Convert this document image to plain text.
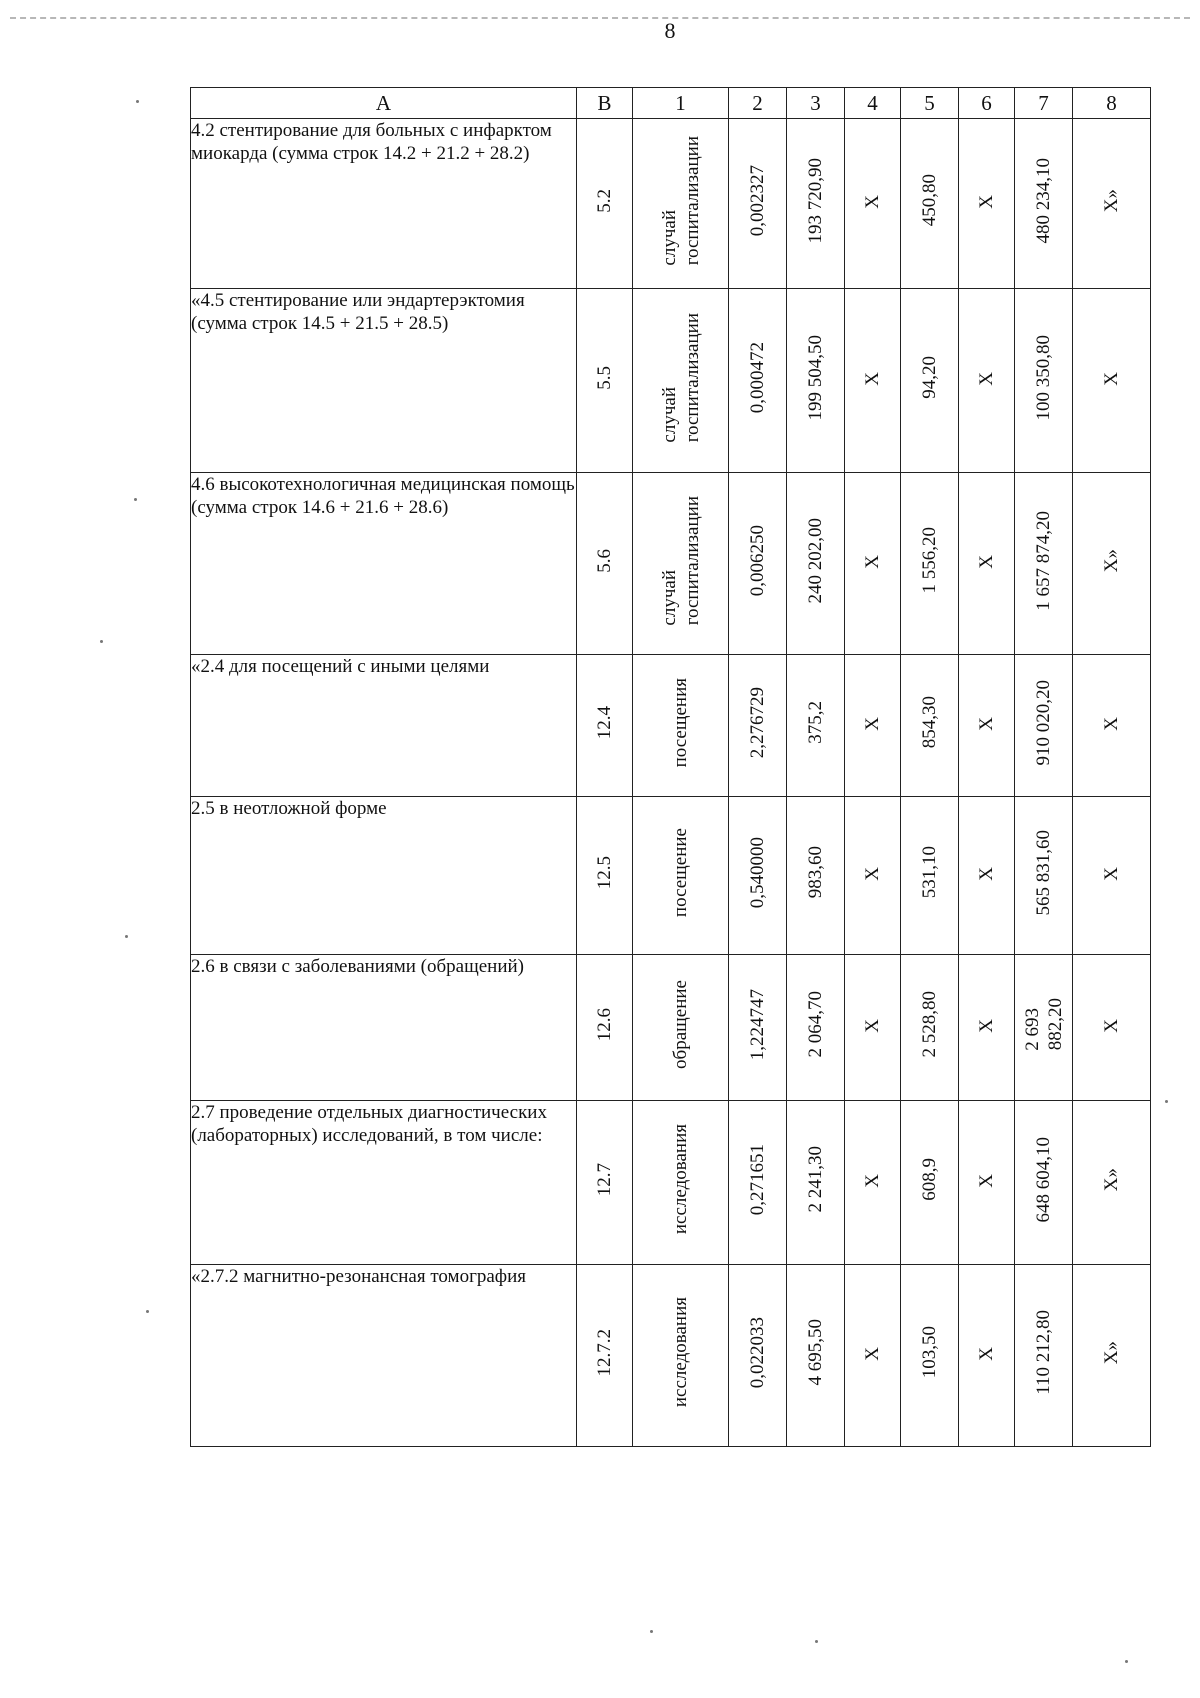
8
А	В	1	2	3	4	5	6	7	8
4.2 стентирование для больных с инфарктом миокарда (сумма строк 14.2 + 21.2 + 28.2)	5.2	случай госпитализации	0,002327	193 720,90	Х	450,80	Х	480 234,10	Х»
«4.5 стентирование или эндартерэктомия (сумма строк 14.5 + 21.5 + 28.5)	5.5	случай госпитализации	0,000472	199 504,50	Х	94,20	Х	100 350,80	Х
4.6 высокотехнологичная медицинская помощь (сумма строк 14.6 + 21.6 + 28.6)	5.6	случай госпитализации	0,006250	240 202,00	Х	1 556,20	Х	1 657 874,20	Х»
«2.4 для посещений с иными целями	12.4	посещения	2,276729	375,2	Х	854,30	Х	910 020,20	Х
2.5 в неотложной форме	12.5	посещение	0,540000	983,60	Х	531,10	Х	565 831,60	Х
2.6 в связи с заболеваниями (обращений)	12.6	обращение	1,224747	2 064,70	Х	2 528,80	Х	2 693 882,20	Х
2.7 проведение отдельных диагностических (лабораторных) исследований, в том числе:	12.7	исследования	0,271651	2 241,30	Х	608,9	Х	648 604,10	Х»
«2.7.2 магнитно-резонансная томография	12.7.2	исследования	0,022033	4 695,50	Х	103,50	Х	110 212,80	Х»
